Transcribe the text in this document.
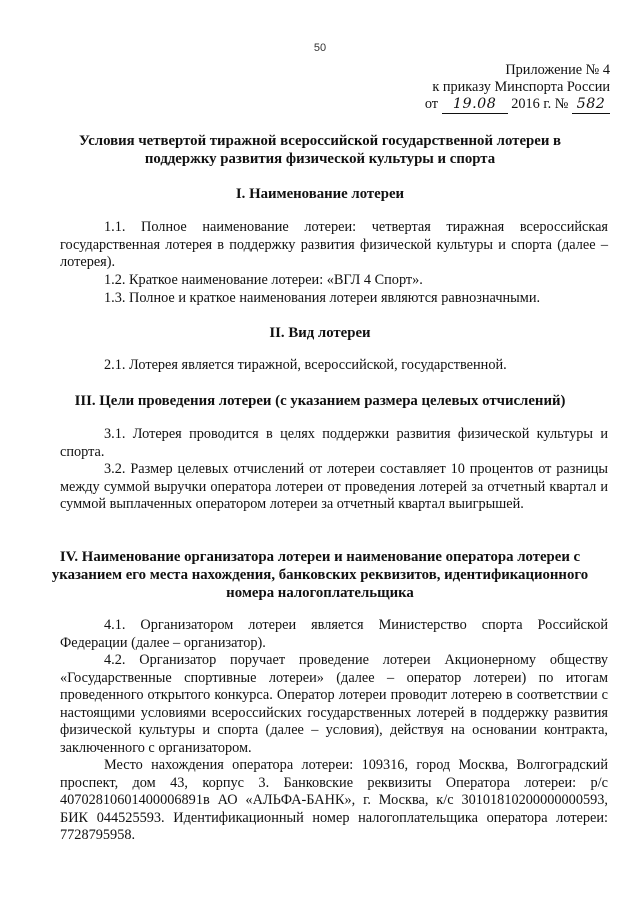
50
Приложение № 4
к приказу Минспорта России
от 19.08 2016 г. № 582
Условия четвертой тиражной всероссийской государственной лотереи в поддержку развития физической культуры и спорта
I. Наименование лотереи
1.1. Полное наименование лотереи: четвертая тиражная всероссийская государственная лотерея в поддержку развития физической культуры и спорта (далее – лотерея).
1.2. Краткое наименование лотереи: «ВГЛ 4 Спорт».
1.3. Полное и краткое наименования лотереи являются равнозначными.
II. Вид лотереи
2.1. Лотерея является тиражной, всероссийской, государственной.
III. Цели проведения лотереи (с указанием размера целевых отчислений)
3.1. Лотерея проводится в целях поддержки развития физической культуры и спорта.
3.2. Размер целевых отчислений от лотереи составляет 10 процентов от разницы между суммой выручки оператора лотереи от проведения лотерей за отчетный квартал и суммой выплаченных оператором лотереи за отчетный квартал выигрышей.
IV. Наименование организатора лотереи и наименование оператора лотереи с указанием его места нахождения, банковских реквизитов, идентификационного номера налогоплательщика
4.1. Организатором лотереи является Министерство спорта Российской Федерации (далее – организатор).
4.2. Организатор поручает проведение лотереи Акционерному обществу «Государственные спортивные лотереи» (далее – оператор лотереи) по итогам проведенного открытого конкурса. Оператор лотереи проводит лотерею в соответствии с настоящими условиями всероссийских государственных лотерей в поддержку развития физической культуры и спорта (далее – условия), действуя на основании контракта, заключенного с организатором.
Место нахождения оператора лотереи: 109316, город Москва, Волгоградский проспект, дом 43, корпус 3. Банковские реквизиты Оператора лотереи: р/с 40702810601400006891в АО «АЛЬФА-БАНК», г. Москва, к/с 30101810200000000593, БИК 044525593. Идентификационный номер налогоплательщика оператора лотереи: 7728795958.
